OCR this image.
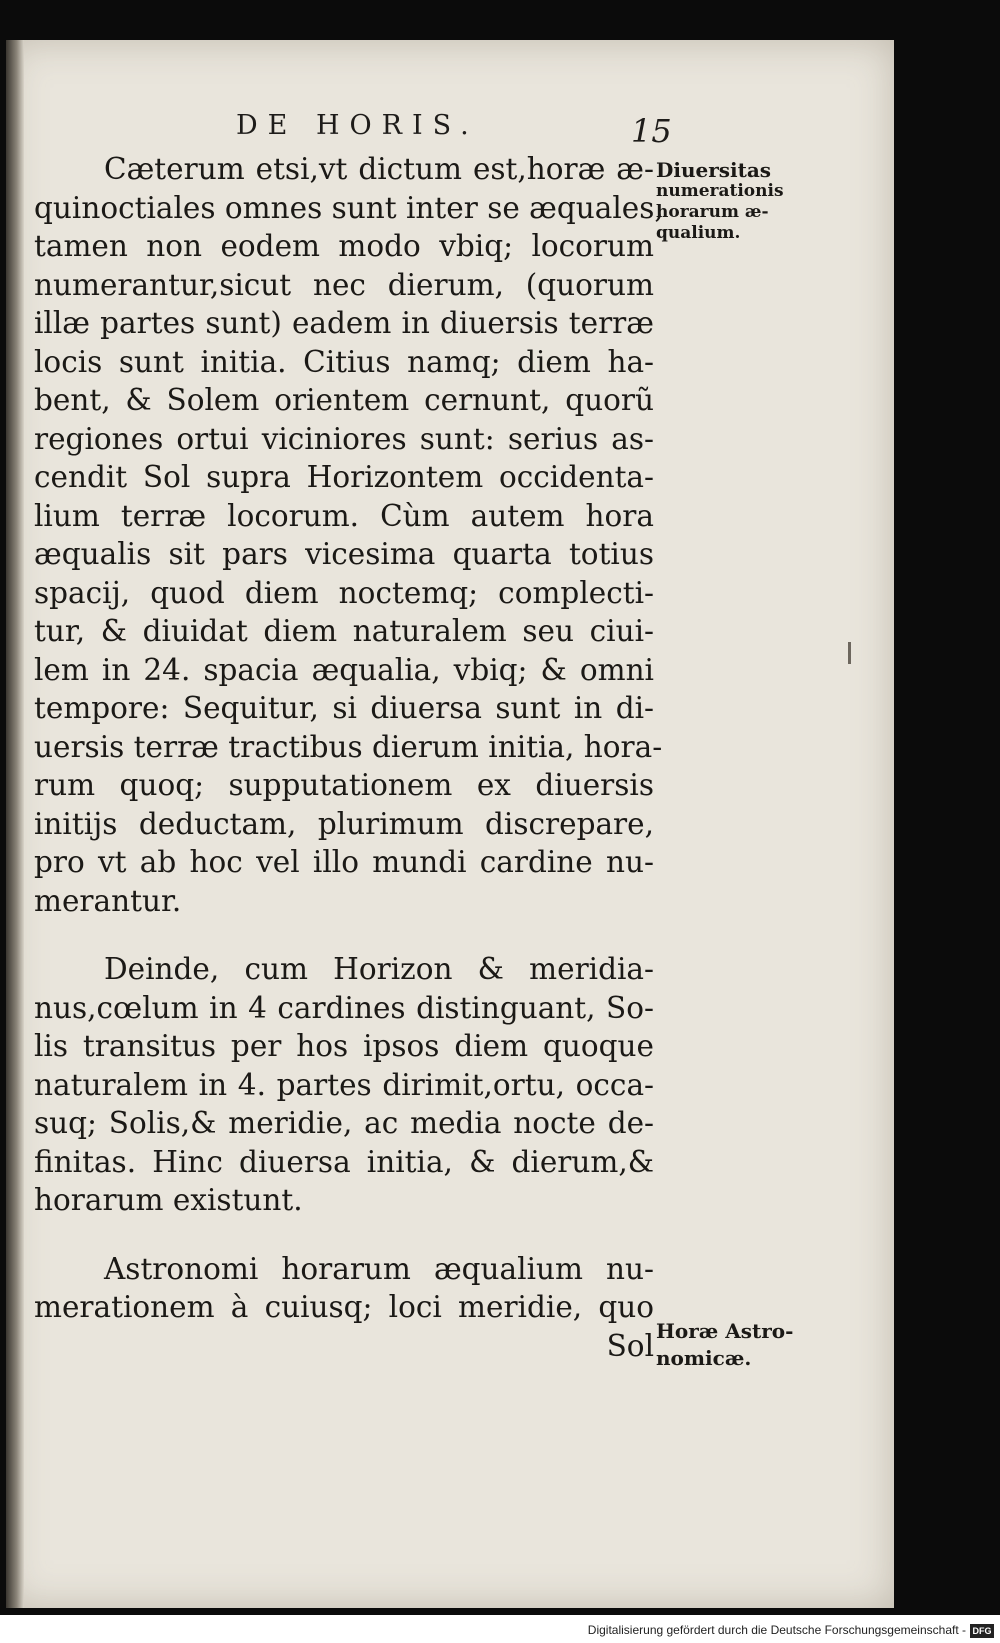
DE HORIS.	15
Cæterum etsi,vt dictum est,horæ æ-
quinoctiales omnes sunt inter se æquales,
tamen non eodem modo vbiq; locorum
numerantur,sicut nec dierum, (quorum
illæ partes sunt) eadem in diuersis terræ
locis sunt initia. Citius namq; diem ha-
bent, & Solem orientem cernunt, quorũ
regiones ortui viciniores sunt: serius as-
cendit Sol supra Horizontem occidenta-
lium terræ locorum. Cùm autem hora
æqualis sit pars vicesima quarta totius
spacij, quod diem noctemq; complecti-
tur, & diuidat diem naturalem seu ciui-
lem in 24. spacia æqualia, vbiq; & omni
tempore: Sequitur, si diuersa sunt in di-
uersis terræ tractibus dierum initia, hora-
rum quoq; supputationem ex diuersis
initijs deductam, plurimum discrepare,
pro vt ab hoc vel illo mundi cardine nu-
merantur.
Deinde, cum Horizon & meridia-
nus,cœlum in 4 cardines distinguant, So-
lis transitus per hos ipsos diem quoque
naturalem in 4. partes dirimit,ortu, occa-
suq; Solis,& meridie, ac media nocte de-
finitas. Hinc diuersa initia, & dierum,&
horarum existunt.
Astronomi horarum æqualium nu-
merationem à cuiusq; loci meridie, quo
Sol
Diuersitas
numerationis
horarum æ-
qualium.
Horæ Astro-
nomicæ.
Digitalisierung gefördert durch die Deutsche Forschungsgemeinschaft - DFG
